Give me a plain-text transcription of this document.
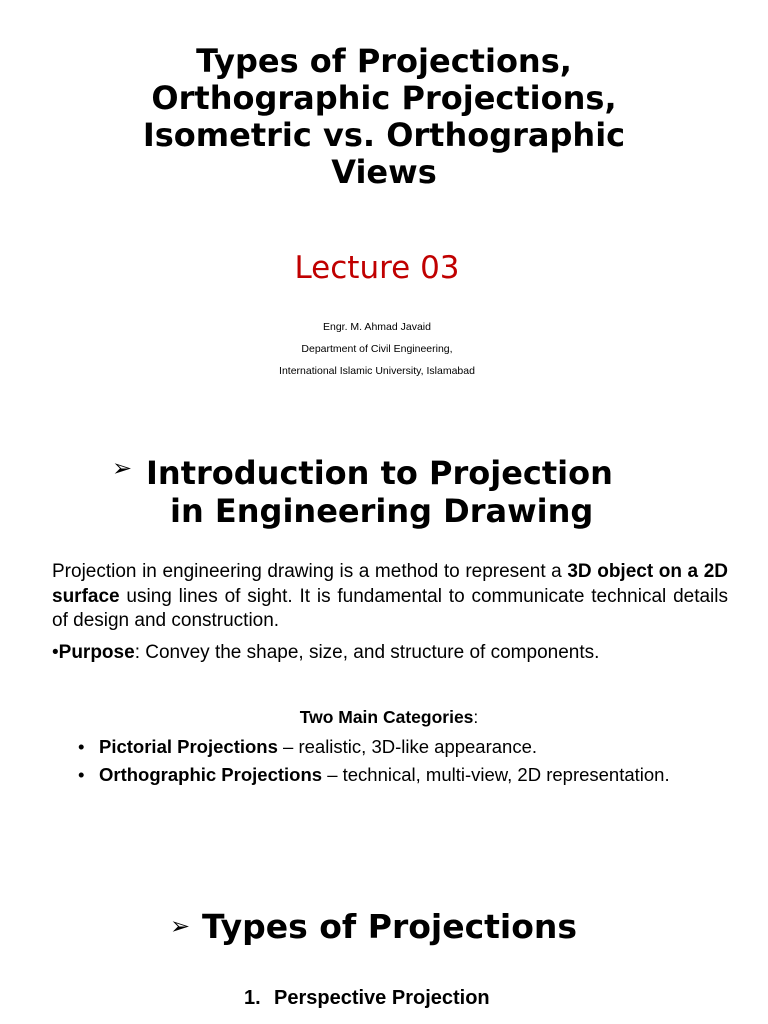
Types of Projections,
Orthographic Projections,
Isometric vs. Orthographic
Views
Lecture 03
Engr. M. Ahmad Javaid
Department of Civil Engineering,
International Islamic University, Islamabad
➢ Introduction to Projection
in Engineering Drawing
Projection in engineering drawing is a method to represent a 3D object on a 2D surface using lines of sight. It is fundamental to communicate technical details of design and construction.
•Purpose: Convey the shape, size, and structure of components.
Two Main Categories:
• Pictorial Projections – realistic, 3D-like appearance.
• Orthographic Projections – technical, multi-view, 2D representation.
➢ Types of Projections
1. Perspective Projection
